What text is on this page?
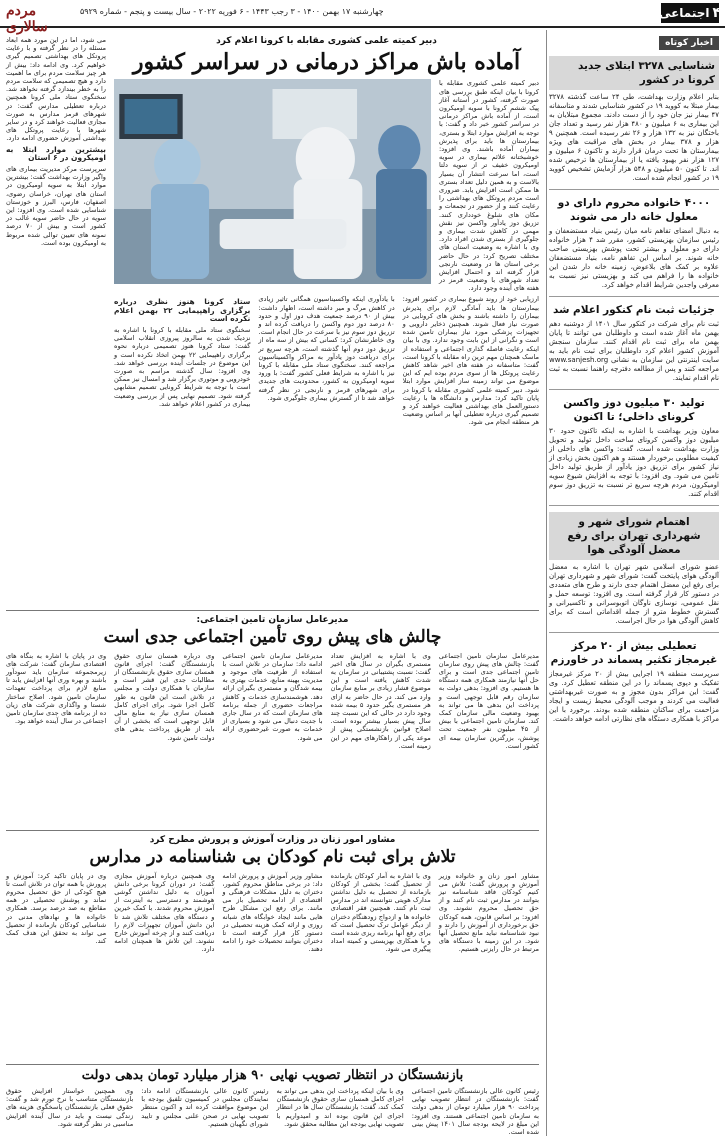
۴
اجتماعی
چهارشنبه ۱۷ بهمن ۱۴۰۰ - ۳ رجب ۱۴۴۳ - ۶ فوریه ۲۰۲۲ - سال بیست و پنجم - شماره ۵۹۲۹
مردم سالاری
اخبار کوتاه
شناسایی ۳۲۷۸ ابتلای جدید کرونا در کشور
بنابر اعلام وزارت بهداشت، طی ۲۴ ساعت گذشته ۳۲۷۸ بیمار مبتلا به کووید ۱۹ در کشور شناسایی شدند و متاسفانه ۴۷ بیمار نیز جان خود را از دست دادند. مجموع مبتلایان به این بیماری به ۶ میلیون و ۴۸۰ هزار نفر رسید و تعداد جان باختگان نیز به ۱۳۲ هزار و ۲۶ نفر رسیده است. همچنین ۹ هزار و ۳۷۸ بیمار در بخش های مراقبت های ویژه بیمارستان ها تحت درمان قرار دارند و تاکنون ۶ میلیون و ۱۲۷ هزار نفر بهبود یافته یا از بیمارستان ها ترخیص شده اند. تا کنون ۵۰ میلیون و ۵۴۸ هزار آزمایش تشخیص کووید ۱۹ در کشور انجام شده است.
۴۰۰۰ خانواده محروم دارای دو معلول خانه دار می شوند
به دنبال امضای تفاهم نامه میان رئیس بنیاد مستضعفان و رئیس سازمان بهزیستی کشور، مقرر شد ۴ هزار خانواده دارای دو معلول و بیشتر تحت پوشش بهزیستی صاحب خانه شوند. بر اساس این تفاهم نامه، بنیاد مستضعفان علاوه بر کمک های بلاعوض، زمینه خانه دار شدن این خانواده ها را فراهم می کند و بهزیستی نیز نسبت به معرفی واجدین شرایط اقدام خواهد کرد.
جزئیات ثبت نام کنکور اعلام شد
ثبت نام برای شرکت در کنکور سال ۱۴۰۱ از دوشنبه دهم بهمن ماه آغاز شده است و داوطلبان می توانند تا پایان بهمن ماه برای ثبت نام اقدام کنند. سازمان سنجش آموزش کشور اعلام کرد داوطلبان برای ثبت نام باید به سایت اینترنتی این سازمان به نشانی www.sanjesh.org مراجعه کنند و پس از مطالعه دفترچه راهنما نسبت به ثبت نام اقدام نمایند.
تولید ۳۰ میلیون دوز واکسن کرونای داخلی؛ تا اکنون
معاون وزیر بهداشت با اشاره به اینکه تاکنون حدود ۳۰ میلیون دوز واکسن کرونای ساخت داخل تولید و تحویل وزارت بهداشت شده است، گفت: واکسن های داخلی از کیفیت مطلوبی برخوردار هستند و هم اکنون بخش زیادی از نیاز کشور برای تزریق دوز یادآور از طریق تولید داخل تامین می شود. وی افزود: با توجه به افزایش شیوع سویه اومیکرون، مردم هرچه سریع تر نسبت به تزریق دوز سوم اقدام کنند.
اهتمام شورای شهر و شهرداری تهران برای رفع معضل آلودگی هوا
عضو شورای اسلامی شهر تهران با اشاره به معضل آلودگی هوای پایتخت گفت: شورای شهر و شهرداری تهران برای رفع این معضل اهتمام جدی دارند و طرح های متعددی در دستور کار قرار گرفته است. وی افزود: توسعه حمل و نقل عمومی، نوسازی ناوگان اتوبوسرانی و تاکسیرانی و گسترش خطوط مترو از جمله اقداماتی است که برای کاهش آلودگی هوا در حال اجراست.
تعطیلی بیش از ۲۰ مرکز غیرمجاز تکثیر پسماند در خاورزم
سرپرست منطقه ۱۹ اجرایی بیش از ۲۰ مرکز غیرمجاز تفکیک و دپوی پسماند را در این منطقه تعطیل کرد. وی گفت: این مراکز بدون مجوز و به صورت غیربهداشتی فعالیت می کردند و موجب آلودگی محیط زیست و ایجاد مزاحمت برای ساکنان منطقه شده بودند. برخورد با این مراکز با همکاری دستگاه های نظارتی ادامه خواهد داشت.
دبیر کمیته علمی کشوری مقابله با کرونا اعلام کرد
آماده باش مراکز درمانی در سراسر کشور
دبیر کمیته علمی کشوری مقابله با کرونا با بیان اینکه طبق بررسی های صورت گرفته، کشور در آستانه آغاز پیک ششم کرونا با سویه اومیکرون است، از آماده باش مراکز درمانی در سراسر کشور خبر داد و گفت: با توجه به افزایش موارد ابتلا و بستری، بیمارستان ها باید برای پذیرش بیماران آماده باشند. وی افزود: خوشبختانه علائم بیماری در سویه اومیکرون خفیف تر از سویه دلتا است، اما سرعت انتشار آن بسیار بالاست و به همین دلیل تعداد بستری ها ممکن است افزایش یابد. ضروری است مردم پروتکل های بهداشتی را رعایت کنند و از حضور در تجمعات و مکان های شلوغ خودداری کنند. تزریق دوز یادآور واکسن نیز نقش مهمی در کاهش شدت بیماری و جلوگیری از بستری شدن افراد دارد. وی با اشاره به وضعیت استان های مختلف تصریح کرد: در حال حاضر برخی استان ها در وضعیت نارنجی قرار گرفته اند و احتمال افزایش تعداد شهرهای با وضعیت قرمز در هفته های آینده وجود دارد.
ارزیابی خود از روند شیوع بیماری در کشور افزود: بیمارستان ها باید آمادگی لازم برای پذیرش بیماران را داشته باشند و بخش های کرونایی در صورت نیاز فعال شوند. همچنین ذخایر دارویی و تجهیزات پزشکی مورد نیاز بیماران تامین شده است و نگرانی از این بابت وجود ندارد. وی با بیان اینکه رعایت فاصله گذاری اجتماعی و استفاده از ماسک همچنان مهم ترین راه مقابله با کرونا است، گفت: متاسفانه در هفته های اخیر شاهد کاهش رعایت پروتکل ها از سوی مردم بوده ایم که این موضوع می تواند زمینه ساز افزایش موارد ابتلا شود. دبیر کمیته علمی کشوری مقابله با کرونا در پایان تاکید کرد: مدارس و دانشگاه ها با رعایت دستورالعمل های بهداشتی فعالیت خواهند کرد و تصمیم گیری درباره تعطیلی آنها بر اساس وضعیت هر منطقه انجام می شود.
با یادآوری اینکه واکسیناسیون همگانی تاثیر زیادی در کاهش مرگ و میر داشته است، اظهار داشت: بیش از ۹۰ درصد جمعیت هدف دوز اول و حدود ۸۰ درصد دوز دوم واکسن را دریافت کرده اند و تزریق دوز سوم نیز با سرعت در حال انجام است. وی خاطرنشان کرد: کسانی که بیش از سه ماه از تزریق دوز دوم آنها گذشته است، هرچه سریع تر برای دریافت دوز یادآور به مراکز واکسیناسیون مراجعه کنند. سخنگوی ستاد ملی مقابله با کرونا نیز با اشاره به شرایط فعلی کشور گفت: با ورود سویه اومیکرون به کشور، محدودیت های جدیدی برای شهرهای قرمز و نارنجی در نظر گرفته خواهد شد تا از گسترش بیماری جلوگیری شود.
ستاد کرونا هنوز نظری درباره برگزاری راهپیمایی ۲۲ بهمن اعلام نکرده است
سخنگوی ستاد ملی مقابله با کرونا با اشاره به نزدیک شدن به سالروز پیروزی انقلاب اسلامی گفت: ستاد کرونا هنوز تصمیمی درباره نحوه برگزاری راهپیمایی ۲۲ بهمن اتخاذ نکرده است و این موضوع در جلسات آینده بررسی خواهد شد. وی افزود: سال گذشته مراسم به صورت خودرویی و موتوری برگزار شد و امسال نیز ممکن است با توجه به شرایط کرونایی تصمیم مشابهی گرفته شود. تصمیم نهایی پس از بررسی وضعیت بیماری در کشور اعلام خواهد شد.
می شود، اما در این مورد همه ابعاد مسئله را در نظر گرفته و با رعایت پروتکل های بهداشتی تصمیم گیری خواهیم کرد. وی ادامه داد: بیش از هر چیز سلامت مردم برای ما اهمیت دارد و هیچ تصمیمی که سلامت مردم را به خطر بیندازد گرفته نخواهد شد. سخنگوی ستاد ملی کرونا همچنین درباره تعطیلی مدارس گفت: در شهرهای قرمز مدارس به صورت مجازی فعالیت خواهند کرد و در سایر شهرها با رعایت پروتکل های بهداشتی آموزش حضوری ادامه دارد.
بیشترین موارد ابتلا به اومیکرون در ۶ استان
سرپرست مرکز مدیریت بیماری های واگیر وزارت بهداشت گفت: بیشترین موارد ابتلا به سویه اومیکرون در استان های تهران، خراسان رضوی، اصفهان، فارس، البرز و خوزستان شناسایی شده است. وی افزود: این سویه در حال حاضر سویه غالب در کشور است و بیش از ۷۰ درصد نمونه های تعیین توالی شده مربوط به اومیکرون بوده است.
مدیرعامل سازمان تامین اجتماعی:
چالش های پیش روی تأمین اجتماعی جدی است
مدیرعامل سازمان تامین اجتماعی گفت: چالش های پیش روی سازمان تامین اجتماعی جدی است و برای حل آنها نیازمند همکاری همه دستگاه ها هستیم. وی افزود: بدهی دولت به سازمان رقم قابل توجهی است و پرداخت این بدهی ها می تواند به بهبود وضعیت مالی سازمان کمک کند. سازمان تامین اجتماعی با بیش از ۴۵ میلیون نفر جمعیت تحت پوشش، بزرگترین سازمان بیمه ای کشور است.
وی با اشاره به افزایش تعداد مستمری بگیران در سال های اخیر گفت: نسبت پشتیبانی در سازمان به شدت کاهش یافته است و این موضوع فشار زیادی بر منابع سازمان وارد می کند. در حال حاضر به ازای هر مستمری بگیر حدود ۵ بیمه شده وجود دارد در حالی که این نسبت چند سال پیش بسیار بیشتر بوده است. اصلاح قوانین بازنشستگی پیش از موعد یکی از راهکارهای مهم در این زمینه است.
مدیرعامل سازمان تامین اجتماعی ادامه داد: سازمان در تلاش است با استفاده از ظرفیت های موجود و مدیریت بهینه منابع، خدمات بهتری به بیمه شدگان و مستمری بگیران ارائه دهد. هوشمندسازی خدمات و کاهش مراجعات حضوری از جمله برنامه های سازمان است که در سال جاری با جدیت دنبال می شود و بسیاری از خدمات به صورت غیرحضوری ارائه می شود.
وی درباره همسان سازی حقوق بازنشستگان گفت: اجرای قانون همسان سازی حقوق بازنشستگان از مطالبات جدی این قشر است و سازمان با همکاری دولت و مجلس در تلاش است این قانون به طور کامل اجرا شود. برای اجرای کامل همسان سازی نیاز به منابع مالی قابل توجهی است که بخشی از آن باید از طریق پرداخت بدهی های دولت تامین شود.
وی در پایان با اشاره به بنگاه های اقتصادی سازمان گفت: شرکت های زیرمجموعه سازمان باید سودآور باشند و بهره وری آنها افزایش یابد تا منابع لازم برای پرداخت تعهدات سازمان تامین شود. اصلاح ساختار شستا و واگذاری شرکت های زیان ده از برنامه های جدی سازمان تامین اجتماعی در سال آینده خواهد بود.
مشاور امور زنان در وزارت آموزش و پرورش مطرح کرد
تلاش برای ثبت نام کودکان بی شناسنامه در مدارس
مشاور امور زنان و خانواده وزیر آموزش و پرورش گفت: تلاش می کنیم کودکان فاقد شناسنامه نیز بتوانند در مدارس ثبت نام کنند و از حق تحصیل محروم نشوند. وی افزود: بر اساس قانون، همه کودکان حق برخورداری از آموزش را دارند و نبود شناسنامه نباید مانع تحصیل آنها شود. در این زمینه با دستگاه های مرتبط در حال رایزنی هستیم.
وی با اشاره به آمار کودکان بازمانده از تحصیل گفت: بخشی از کودکان بازمانده از تحصیل به دلیل نداشتن مدارک هویتی نتوانسته اند در مدارس ثبت نام کنند. همچنین فقر اقتصادی خانواده ها و ازدواج زودهنگام دختران از دیگر عوامل ترک تحصیل است که برای رفع آنها برنامه ریزی شده است و با همکاری بهزیستی و کمیته امداد پیگیری می شود.
مشاور وزیر آموزش و پرورش ادامه داد: در برخی مناطق محروم کشور، دختران به دلیل مشکلات فرهنگی و اقتصادی از ادامه تحصیل باز می مانند. برای رفع این مشکل طرح هایی مانند ایجاد خوابگاه های شبانه روزی و ارائه کمک هزینه تحصیلی در دستور کار قرار گرفته است تا دختران بتوانند تحصیلات خود را ادامه دهند.
وی همچنین درباره آموزش مجازی گفت: در دوران کرونا برخی دانش آموزان به دلیل نداشتن گوشی هوشمند و دسترسی به اینترنت از آموزش محروم شدند. با کمک خیرین و دستگاه های مختلف تلاش شد تا این دانش آموزان تجهیزات لازم را دریافت کنند و از چرخه آموزش خارج نشوند. این تلاش ها همچنان ادامه دارد.
وی در پایان تاکید کرد: آموزش و پرورش با همه توان در تلاش است تا هیچ کودکی از حق تحصیل محروم نماند و پوشش تحصیلی در همه مقاطع به صد درصد برسد. همکاری خانواده ها و نهادهای مدنی در شناسایی کودکان بازمانده از تحصیل می تواند به تحقق این هدف کمک کند.
بازنشستگان در انتظار تصویب نهایی ۹۰ هزار میلیارد تومان بدهی دولت
رئیس کانون عالی بازنشستگان تامین اجتماعی گفت: بازنشستگان در انتظار تصویب نهایی پرداخت ۹۰ هزار میلیارد تومان از بدهی دولت به سازمان تامین اجتماعی هستند. وی افزود: این مبلغ در لایحه بودجه سال ۱۴۰۱ پیش بینی شده است.
وی با بیان اینکه پرداخت این بدهی می تواند به اجرای کامل همسان سازی حقوق بازنشستگان کمک کند، گفت: بازنشستگان سال ها در انتظار اجرای این قانون بوده اند و امیدواریم با تصویب نهایی بودجه این مطالبه محقق شود.
رئیس کانون عالی بازنشستگان ادامه داد: نمایندگان مجلس در کمیسیون تلفیق بودجه با این موضوع موافقت کرده اند و اکنون منتظر تصویب نهایی در صحن علنی مجلس و تایید شورای نگهبان هستیم.
وی همچنین خواستار افزایش حقوق بازنشستگان متناسب با نرخ تورم شد و گفت: حقوق فعلی بازنشستگان پاسخگوی هزینه های زندگی نیست و باید در سال آینده افزایش مناسبی در نظر گرفته شود.
